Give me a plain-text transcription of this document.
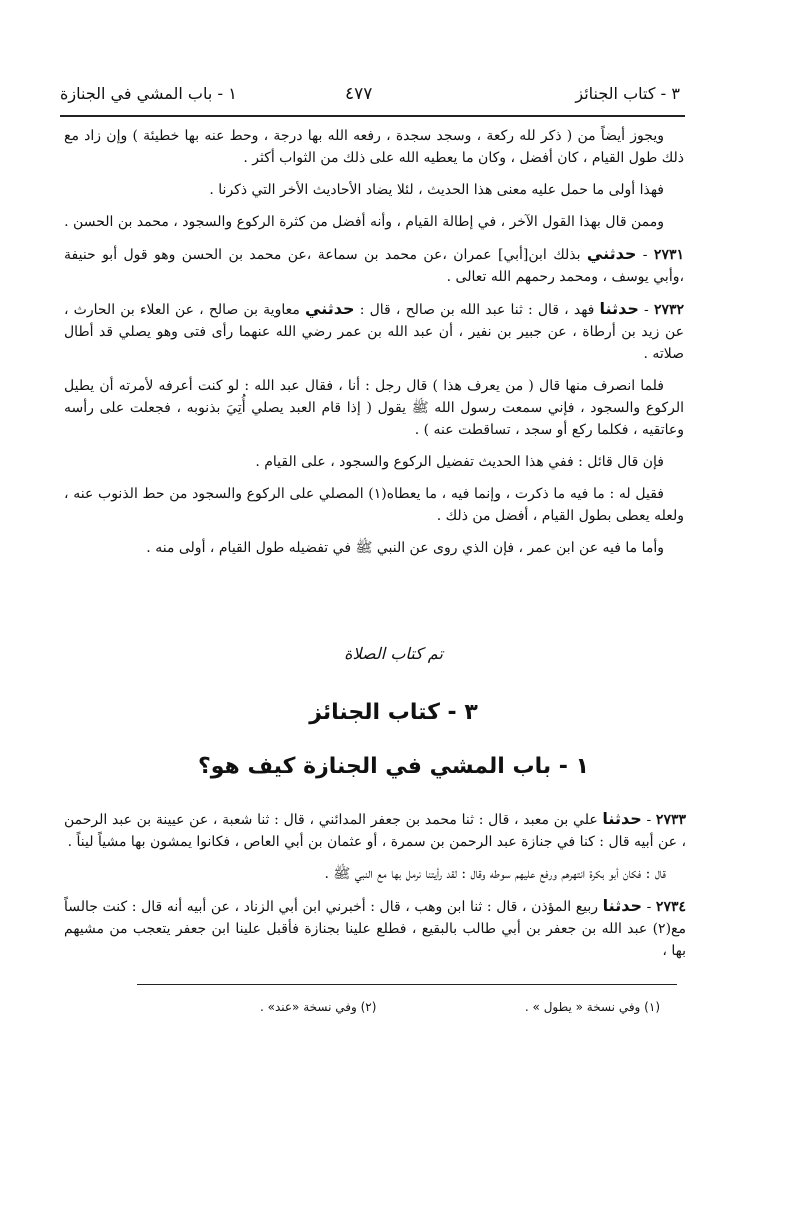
٣ - كتاب الجنائز
٤٧٧
١ - باب المشي في الجنازة

ويجوز أيضاً من ( ذكر لله ركعة ، وسجد سجدة ، رفعه الله بها درجة ، وحط عنه بها خطيئة ) وإن زاد مع ذلك طول القيام ، كان أفضل ، وكان ما يعطيه الله على ذلك من الثواب أكثر .

فهذا أولى ما حمل عليه معنى هذا الحديث ، لئلا يضاد الأحاديث الأخر التي ذكرنا .

وممن قال بهذا القول الآخر ، في إطالة القيام ، وأنه أفضل من كثرة الركوع والسجود ، محمد بن الحسن .

٢٧٣١ - حدثني بذلك ابن[أبي] عمران ،عن محمد بن سماعة ،عن محمد بن الحسن وهو قول أبو حنيفة ،وأبي يوسف ، ومحمد رحمهم الله تعالى .

٢٧٣٢ - حدثنا فهد ، قال : ثنا عبد الله بن صالح ، قال : حدثني معاوية بن صالح ، عن العلاء بن الحارث ، عن زيد بن أرطاة ، عن جبير بن نفير ، أن عبد الله بن عمر رضي الله عنهما رأى فتى وهو يصلي قد أطال صلاته .

فلما انصرف منها قال ( من يعرف هذا ) قال رجل : أنا ، فقال عبد الله : لو كنت أعرفه لأمرته أن يطيل الركوع والسجود ، فإني سمعت رسول الله ﷺ يقول ( إذا قام العبد يصلي أُتِيَ بذنوبه ، فجعلت على رأسه وعاتقيه ، فكلما ركع أو سجد ، تساقطت عنه ) .

فإن قال قائل : ففي هذا الحديث تفضيل الركوع والسجود ، على القيام .

فقيل له : ما فيه ما ذكرت ، وإنما فيه ، ما يعطاه(١) المصلي على الركوع والسجود من حط الذنوب عنه ، ولعله يعطى بطول القيام ، أفضل من ذلك .

وأما ما فيه عن ابن عمر ، فإن الذي روى عن النبي ﷺ في تفضيله طول القيام ، أولى منه .

تم كتاب الصلاة
٣ - كتاب الجنائز
١ - باب المشي في الجنازة كيف هو؟

٢٧٣٣ - حدثنا علي بن معبد ، قال : ثنا محمد بن جعفر المدائني ، قال : ثنا شعبة ، عن عيينة بن عبد الرحمن ، عن أبيه قال : كنا في جنازة عبد الرحمن بن سمرة ، أو عثمان بن أبي العاص ، فكانوا يمشون بها مشياً ليناً .

قال : فكان أبو بكرة انتهرهم ورفع عليهم سوطه وقال : لقد رأيتنا نرمل بها مع النبي ﷺ .

٢٧٣٤ - حدثنا ربيع المؤذن ، قال : ثنا ابن وهب ، قال : أخبرني ابن أبي الزناد ، عن أبيه أنه قال : كنت جالساً مع(٢) عبد الله بن جعفر بن أبي طالب بالبقيع ، فطلع علينا بجنازة فأقبل علينا ابن جعفر يتعجب من مشيهم بها ،

(١) وفي نسخة « يطول » .
(٢) وفي نسخة «عند» .
